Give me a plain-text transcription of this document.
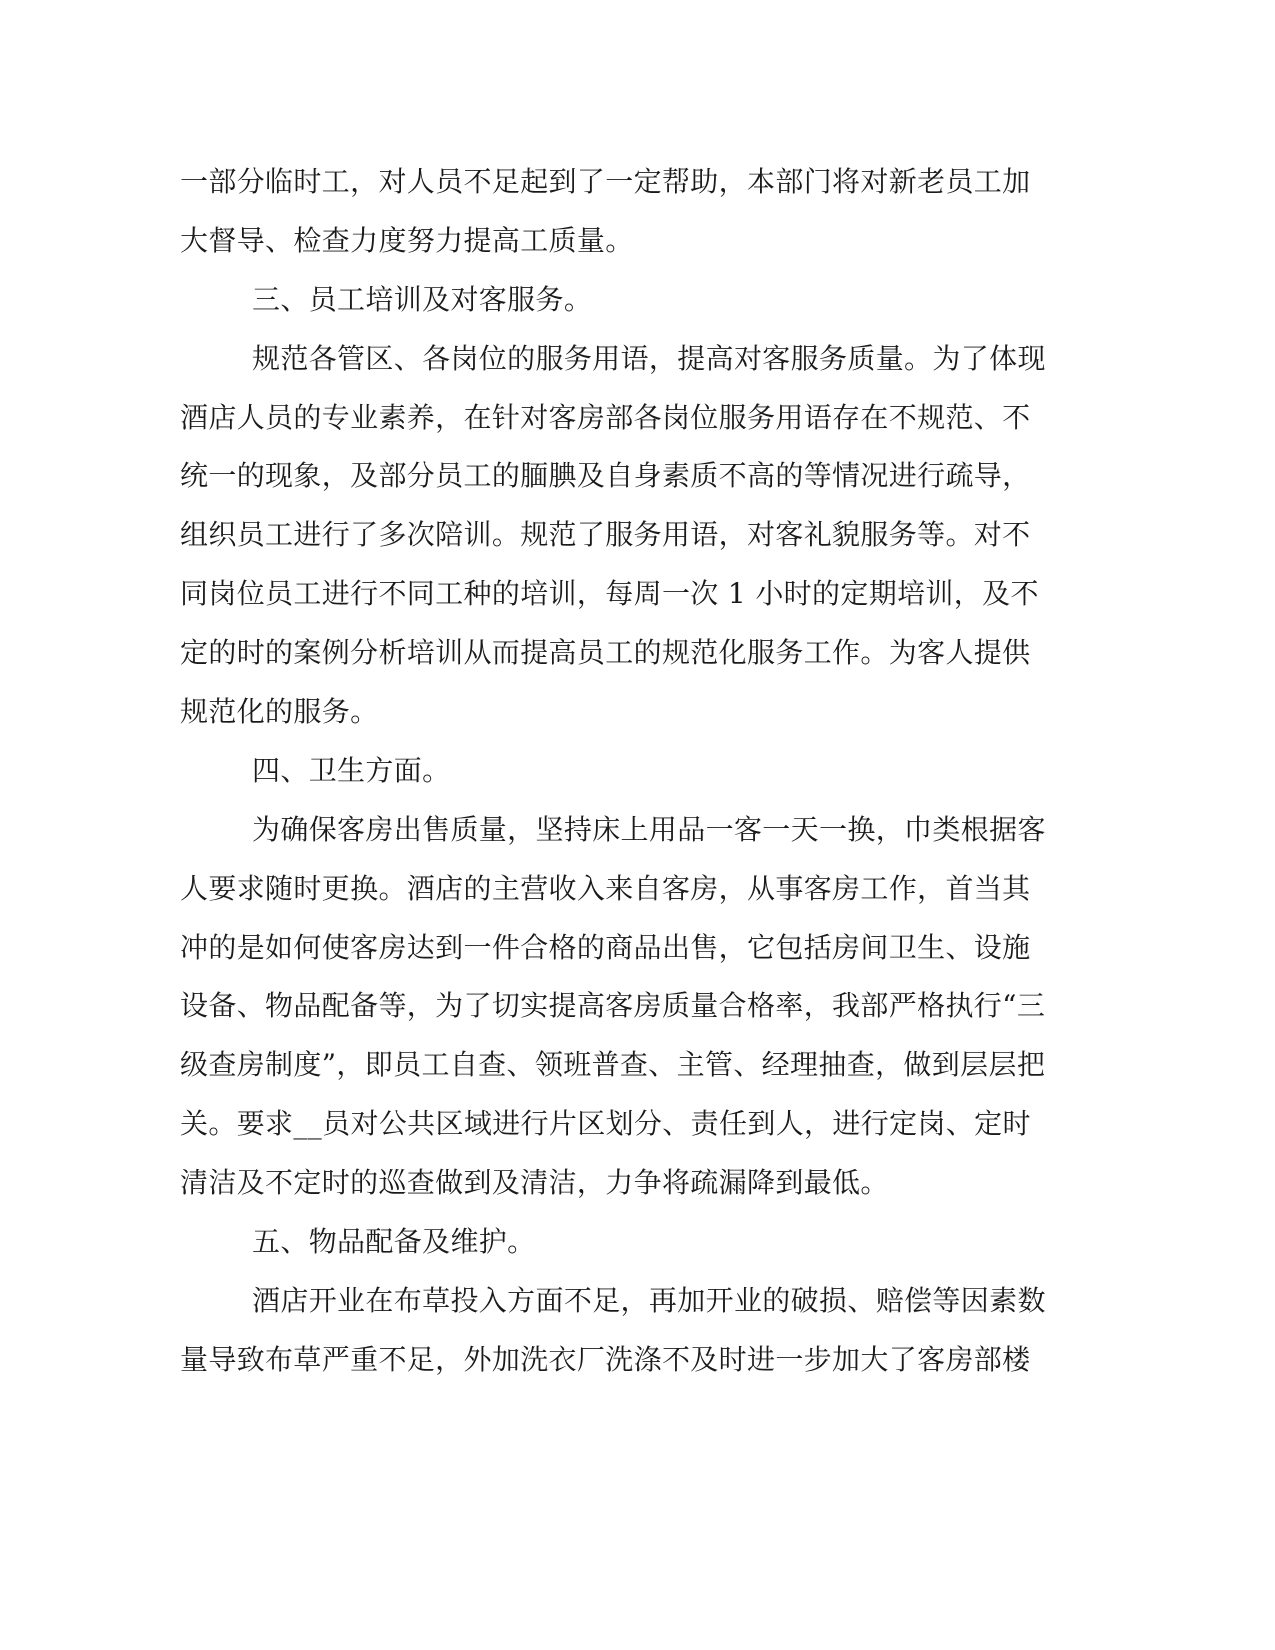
一部分临时工，对人员不足起到了一定帮助，本部门将对新老员工加
大督导、检查力度努力提高工质量。
三、员工培训及对客服务。
规范各管区、各岗位的服务用语，提高对客服务质量。为了体现
酒店人员的专业素养，在针对客房部各岗位服务用语存在不规范、不
统一的现象，及部分员工的腼腆及自身素质不高的等情况进行疏导，
组织员工进行了多次陪训。规范了服务用语，对客礼貌服务等。对不
同岗位员工进行不同工种的培训，每周一次 1 小时的定期培训，及不
定的时的案例分析培训从而提高员工的规范化服务工作。为客人提供
规范化的服务。
四、卫生方面。
为确保客房出售质量，坚持床上用品一客一天一换，巾类根据客
人要求随时更换。酒店的主营收入来自客房，从事客房工作，首当其
冲的是如何使客房达到一件合格的商品出售，它包括房间卫生、设施
设备、物品配备等，为了切实提高客房质量合格率，我部严格执行“三
级查房制度”，即员工自查、领班普查、主管、经理抽查，做到层层把
关。要求__员对公共区域进行片区划分、责任到人，进行定岗、定时
清洁及不定时的巡查做到及清洁，力争将疏漏降到最低。
五、物品配备及维护。
酒店开业在布草投入方面不足，再加开业的破损、赔偿等因素数
量导致布草严重不足，外加洗衣厂洗涤不及时进一步加大了客房部楼
